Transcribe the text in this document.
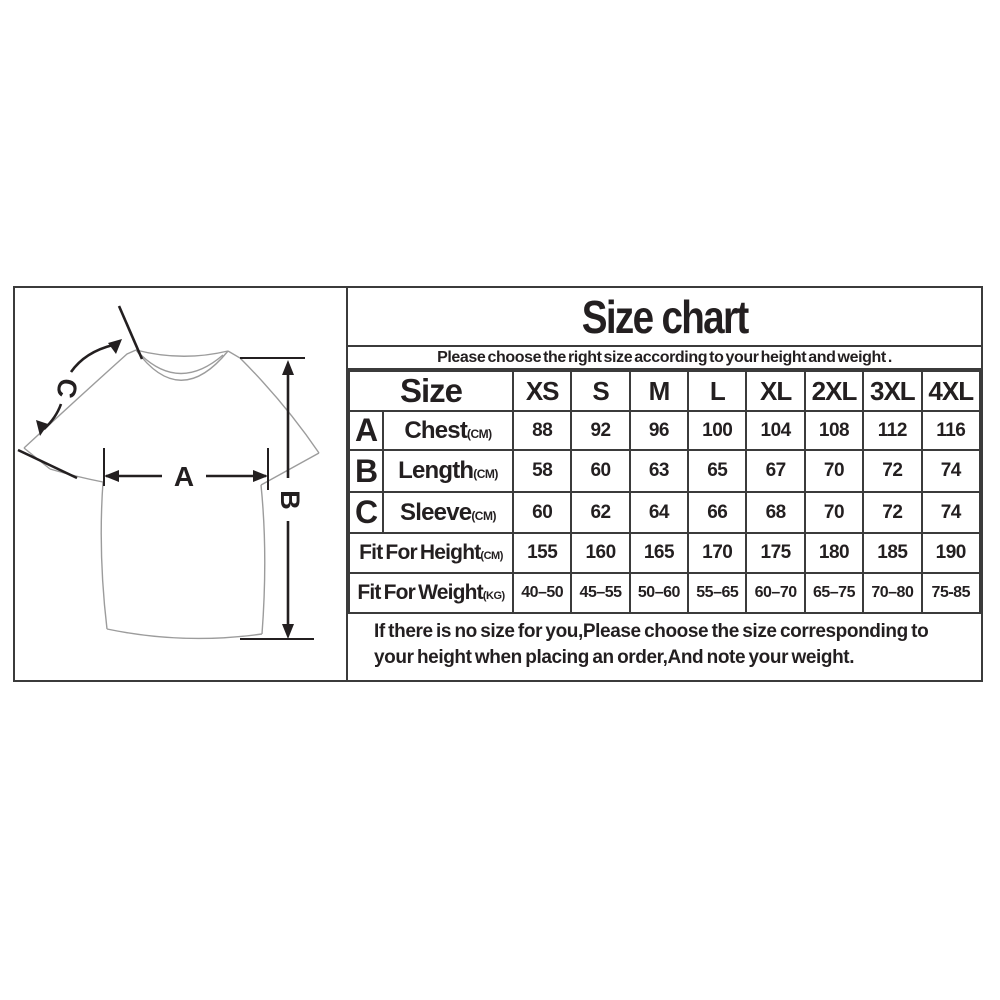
A
B
C
Size chart
Please choose the right size according to your height and weight .
Size		XS	S	M	L	XL	2XL	3XL	4XL
A	Chest(CM)	88	92	96	100	104	108	112	116
B	Length(CM)	58	60	63	65	67	70	72	74
C	Sleeve(CM)	60	62	64	66	68	70	72	74
Fit For Height(CM)		155	160	165	170	175	180	185	190
Fit For Weight(KG)		40–50	45–55	50–60	55–65	60–70	65–75	70–80	75-85
If there is no size for you,Please choose the size corresponding to your height when placing an order,And note your weight.
